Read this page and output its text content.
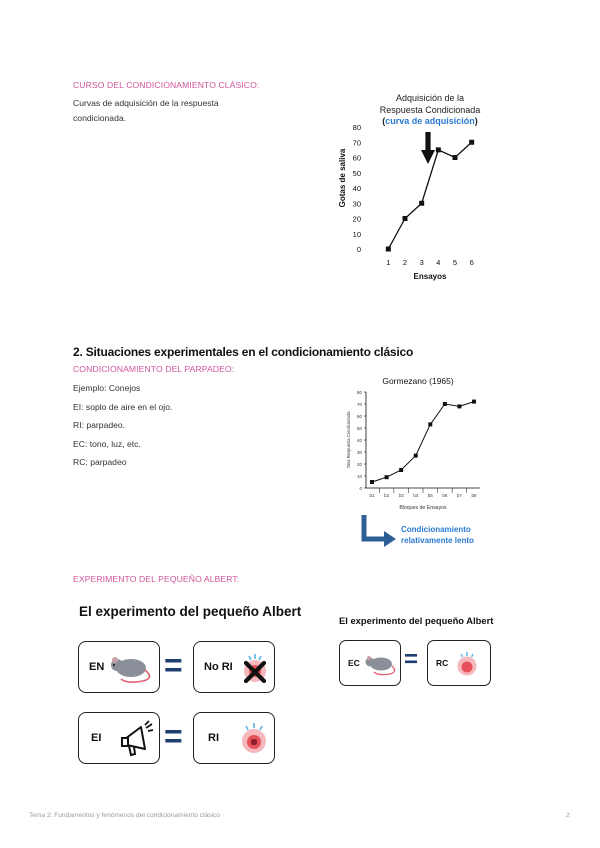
CURSO DEL CONDICIONAMIENTO CLÁSICO:
Curvas de adquisición de la respuesta
condicionada.
Adquisición de la
Respuesta Condicionada
(curva de adquisición)
0
10
20
30
40
50
60
70
80
1 2 3 4 5 6
Ensayos
Gotas de saliva
2. Situaciones experimentales en el condicionamiento clásico
CONDICIONAMIENTO DEL PARPADEO:
Ejemplo: Conejos
EI: soplo de aire en el ojo.
RI: parpadeo.
EC: tono, luz, etc.
RC: parpadeo
Gormezano (1965)
0
10
20
30
40
50
60
70
80
b1 b2 b3 b4 b5 b6 b7 b8
Bloques de Ensayos
Tasa Respuesta Condicionada
Condicionamiento
relativamente lento
EXPERIMENTO DEL PEQUEÑO ALBERT:
El experimento del pequeño Albert
El experimento del pequeño Albert
EN = No RI
EI = RI
EC = RC
Tema 2: Fundamentos y fenómenos del condicionamiento clásico	2
